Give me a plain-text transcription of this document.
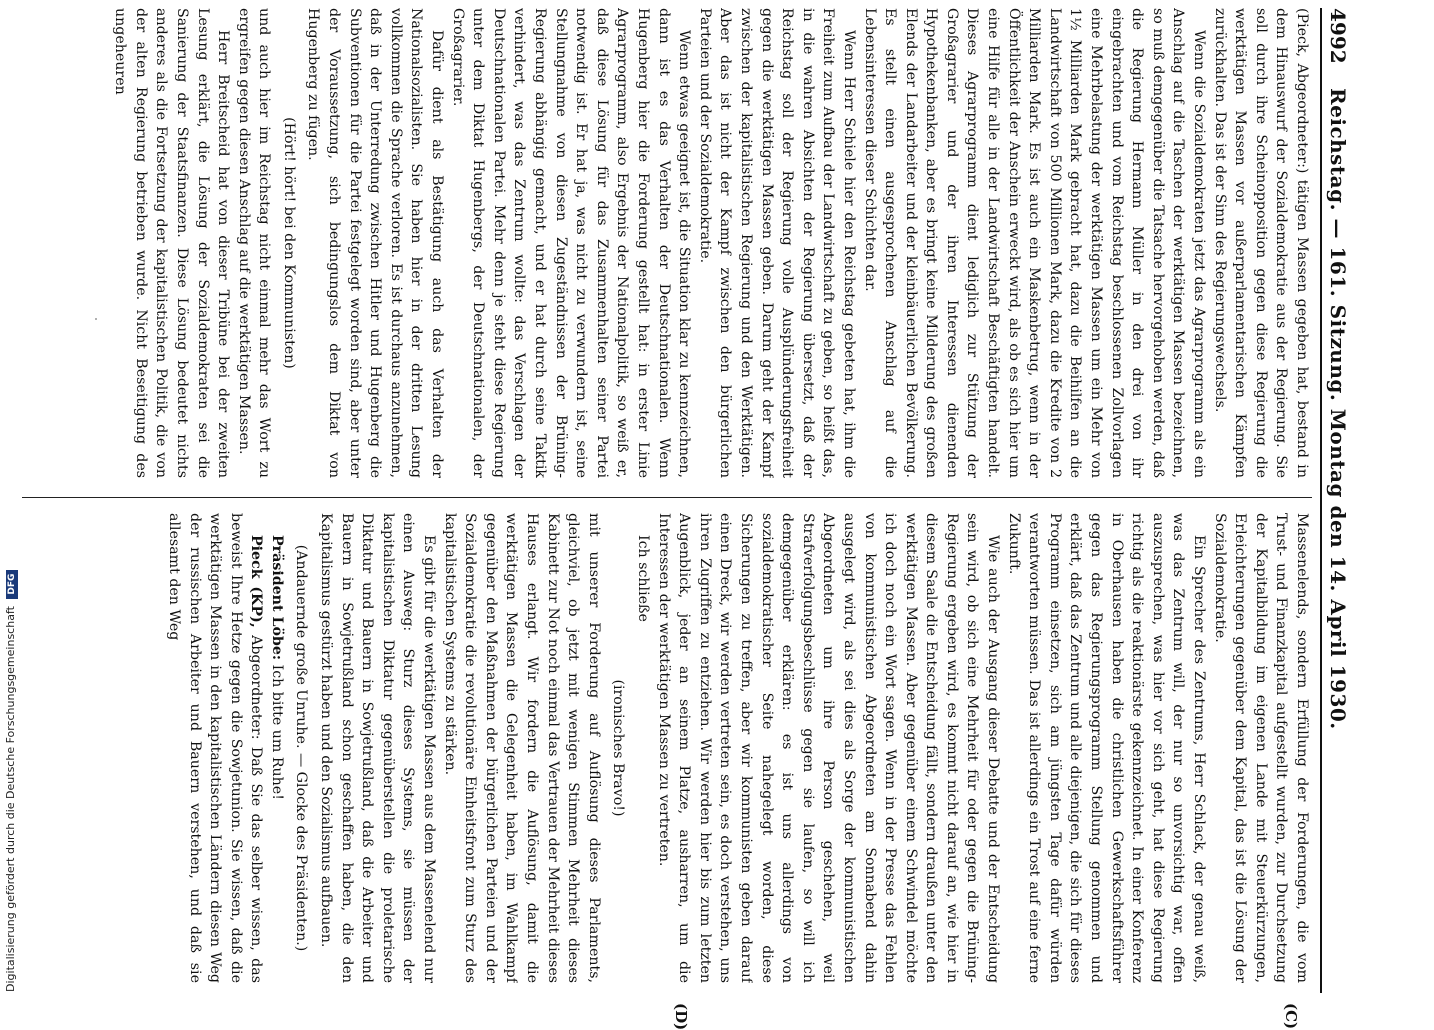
Digitalisierung gefördert durch die Deutsche Forschungsgemeinschaft DFG
4992
Reichstag. — 161. Sitzung. Montag den 14. April 1930.
(C)
(D)

(Pieck, Abgeordneter:) tätigen Massen gegeben hat, bestand in dem Hinauswurf der Sozialdemokratie aus der Regierung. Sie soll durch ihre Scheinopposition gegen diese Regierung die werktätigen Massen vor außerparlamentarischen Kämpfen zurückhalten. Das ist der Sinn des Regierungswechsels.

Wenn die Sozialdemokraten jetzt das Agrarprogramm als ein Anschlag auf die Taschen der werktätigen Massen bezeichnen, so muß demgegenüber die Tatsache hervorgehoben werden, daß die Regierung Hermann Müller in den drei von ihr eingebrachten und vom Reichstag beschlossenen Zollvorlagen eine Mehrbelastung der werktätigen Massen um ein Mehr von 1½ Milliarden Mark gebracht hat, dazu die Beihilfen an die Landwirtschaft von 500 Millionen Mark, dazu die Kredite von 2 Milliarden Mark. Es ist auch ein Maskenbetrug, wenn in der Öffentlichkeit der Anschein erweckt wird, als ob es sich hier um eine Hilfe für alle in der Landwirtschaft Beschäftigten handelt. Dieses Agrarprogramm dient lediglich zur Stützung der Großagrarier und der ihren Interessen dienenden Hypothekenbanken, aber es bringt keine Milderung des großen Elends der Landarbeiter und der kleinbäuerlichen Bevölkerung. Es stellt einen ausgesprochenen Anschlag auf die Lebensinteressen dieser Schichten dar.

Wenn Herr Schiele hier den Reichstag gebeten hat, ihm die Freiheit zum Aufbau der Landwirtschaft zu geben, so heißt das, in die wahren Absichten der Regierung übersetzt, daß der Reichstag soll der Regierung volle Ausplünderungsfreiheit gegen die werktätigen Massen geben. Darum geht der Kampf zwischen der kapitalistischen Regierung und den Werktätigen. Aber das ist nicht der Kampf zwischen den bürgerlichen Parteien und der Sozialdemokratie.

Wenn etwas geeignet ist, die Situation klar zu kennzeichnen, dann ist es das Verhalten der Deutschnationalen. Wenn Hugenberg hier die Forderung gestellt hat: in erster Linie Agrarprogramm, also Ergebnis der Nationalpolitik, so weiß er, daß diese Lösung für das Zusammenhalten seiner Partei notwendig ist. Er hat ja, was nicht zu verwundern ist, seine Stellungnahme von diesen Zugeständnissen der Brüning-Regierung abhängig gemacht, und er hat durch seine Taktik verhindert, was das Zentrum wollte: das Verschlagen der Deutschnationalen Partei. Mehr denn je steht diese Regierung unter dem Diktat Hugenbergs, der Deutschnationalen, der Großagrarier.

Dafür dient als Bestätigung auch das Verhalten der Nationalsozialisten. Sie haben hier in der dritten Lesung vollkommen die Sprache verloren. Es ist durchaus anzunehmen, daß in der Unterredung zwischen Hitler und Hugenberg die Subventionen für die Partei festgelegt worden sind, aber unter der Voraussetzung, sich bedingungslos dem Diktat von Hugenberg zu fügen.

(Hört! hört! bei den Kommunisten)

und auch hier im Reichstag nicht einmal mehr das Wort zu ergreifen gegen diesen Anschlag auf die werktätigen Massen.

Herr Breitscheid hat von dieser Tribüne bei der zweiten Lesung erklärt, die Lösung der Sozialdemokraten sei die Sanierung der Staatsfinanzen. Diese Lösung bedeutet nichts anderes als die Fortsetzung der kapitalistischen Politik, die von der alten Regierung betrieben wurde. Nicht Beseitigung des ungeheuren

Massenelends, sondern Erfüllung der Forderungen, die vom Trust- und Finanzkapital aufgestellt wurden, zur Durchsetzung der Kapitalbildung im eigenen Lande mit Steuerkürzungen, Erleichterungen gegenüber dem Kapital, das ist die Lösung der Sozialdemokratie.

Ein Sprecher des Zentrums, Herr Schlack, der genau weiß, was das Zentrum will, der nur so unvorsichtig war, offen auszusprechen, was hier vor sich geht, hat diese Regierung richtig als die reaktionärste gekennzeichnet. In einer Konferenz in Oberhausen haben die christlichen Gewerkschaftsführer gegen das Regierungsprogramm Stellung genommen und erklärt, daß das Zentrum und alle diejenigen, die sich für dieses Programm einsetzen, sich am jüngsten Tage dafür würden verantworten müssen. Das ist allerdings ein Trost auf eine ferne Zukunft.

Wie auch der Ausgang dieser Debatte und der Entscheidung sein wird, ob sich eine Mehrheit für oder gegen die Brüning-Regierung ergeben wird, es kommt nicht darauf an, wie hier in diesem Saale die Entscheidung fällt, sondern draußen unter den werktätigen Massen. Aber gegenüber einem Schwindel möchte ich doch noch ein Wort sagen. Wenn in der Presse das Fehlen von kommunistischen Abgeordneten am Sonnabend dahin ausgelegt wird, als sei dies als Sorge der kommunistischen Abgeordneten um ihre Person geschehen, weil Strafverfolgungsbeschlüsse gegen sie laufen, so will ich demgegenüber erklären: es ist uns allerdings von sozialdemokratischer Seite nahegelegt worden, diese Sicherungen zu treffen, aber wir kommunisten geben darauf einen Dreck, wir werden vertreten sein, es doch verstehen, uns ihren Zugriffen zu entziehen. Wir werden hier bis zum letzten Augenblick, jeder an seinem Platze, ausharren, um die Interessen der werktätigen Massen zu vertreten.

Ich schließe

(ironisches Bravo!)

mit unserer Forderung auf Auflösung dieses Parlaments, gleichviel, ob jetzt mit wenigen Stimmen Mehrheit dieses Kabinett zur Not noch einmal das Vertrauen der Mehrheit dieses Hauses erlangt. Wir fordern die Auflösung, damit die werktätigen Massen die Gelegenheit haben, im Wahlkampf gegenüber den Maßnahmen der bürgerlichen Parteien und der Sozialdemokratie die revolutionäre Einheitsfront zum Sturz des kapitalistischen Systems zu stärken.

Es gibt für die werktätigen Massen aus dem Massenelend nur einen Ausweg: Sturz dieses Systems, sie müssen der kapitalistischen Diktatur gegenüberstellen die proletarische Diktatur und Bauern in Sowjetrußland, daß die Arbeiter und Bauern in Sowjetrußland schon geschaffen haben, die den Kapitalismus gestürzt haben und den Sozialismus aufbauen.

(Andauernde große Unruhe. — Glocke des Präsidenten.)

Präsident Löbe: Ich bitte um Ruhe!

Pieck (KP), Abgeordneter: Daß Sie das selber wissen, das beweist Ihre Hetze gegen die Sowjetunion. Sie wissen, daß die werktätigen Massen in den kapitalistischen Ländern diesen Weg der russischen Arbeiter und Bauern verstehen, und daß sie allesamt den Weg
